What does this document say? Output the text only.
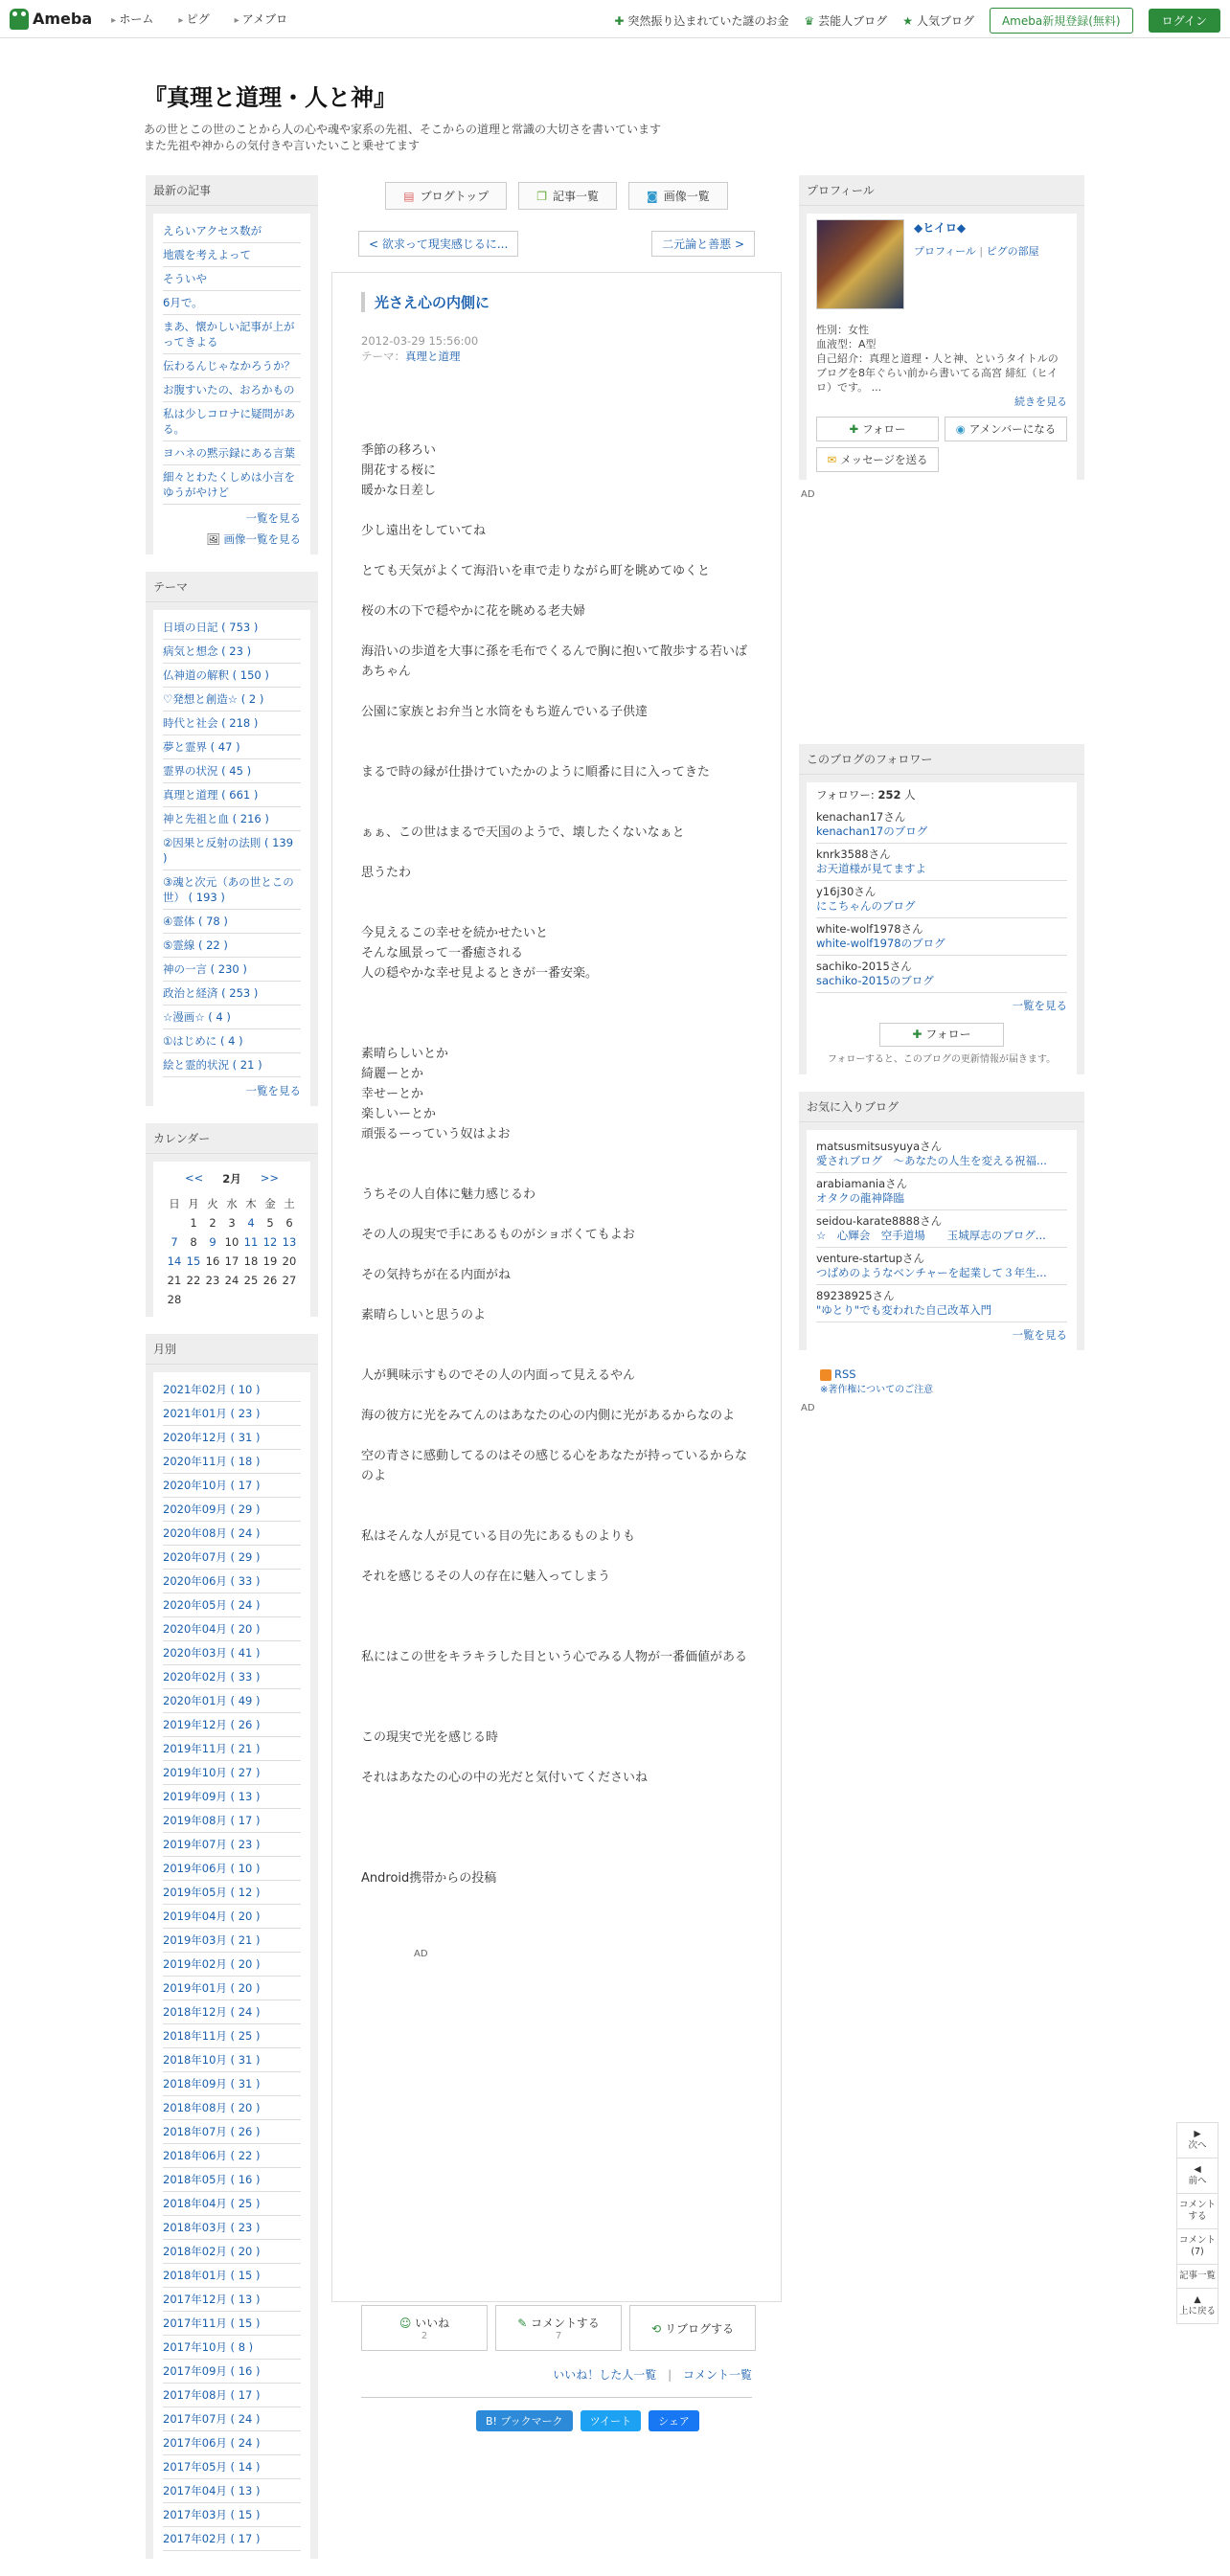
Ameba	▸ ホーム	▸ ピグ	▸ アメブロ	✚ 突然振り込まれていた謎のお金 ♛ 芸能人ブログ ★ 人気ブログ	Ameba新規登録(無料)	ログイン
『真理と道理・人と神』

あの世とこの世のことから人の心や魂や家系の先祖、そこからの道理と常識の大切さを書いています

また先祖や神からの気付きや言いたいこと乗せてます

最新の記事
えらいアクセス数が
地震を考えよって
そういや
6月で。
まあ、懐かしい記事が上がってきよる
伝わるんじゃなかろうか？
お腹すいたの、おろかもの
私は少しコロナに疑問がある。
ヨハネの黙示録にある言葉
細々とわたくしめは小言をゆうがやけど
一覧を見る
🖼 画像一覧を見る
テーマ
日頃の日記 ( 753 )
病気と想念 ( 23 )
仏神道の解釈 ( 150 )
♡発想と創造☆ ( 2 )
時代と社会 ( 218 )
夢と霊界 ( 47 )
霊界の状況 ( 45 )
真理と道理 ( 661 )
神と先祖と血 ( 216 )
②因果と反射の法則 ( 139 )
③魂と次元（あの世とこの世） ( 193 )
④霊体 ( 78 )
⑤霊線 ( 22 )
神の一言 ( 230 )
政治と経済 ( 253 )
☆漫画☆ ( 4 )
①はじめに ( 4 )
絵と霊的状況 ( 21 )
一覧を見る
カレンダー
<< 2月 >>
日	月	火	水	木	金	土
	1	2	3	4	5	6
7	8	9	10	11	12	13
14	15	16	17	18	19	20
21	22	23	24	25	26	27
28						
月別
2021年02月 ( 10 )
2021年01月 ( 23 )
2020年12月 ( 31 )
2020年11月 ( 18 )
2020年10月 ( 17 )
2020年09月 ( 29 )
2020年08月 ( 24 )
2020年07月 ( 29 )
2020年06月 ( 33 )
2020年05月 ( 24 )
2020年04月 ( 20 )
2020年03月 ( 41 )
2020年02月 ( 33 )
2020年01月 ( 49 )
2019年12月 ( 26 )
2019年11月 ( 21 )
2019年10月 ( 27 )
2019年09月 ( 13 )
2019年08月 ( 17 )
2019年07月 ( 23 )
2019年06月 ( 10 )
2019年05月 ( 12 )
2019年04月 ( 20 )
2019年03月 ( 21 )
2019年02月 ( 20 )
2019年01月 ( 20 )
2018年12月 ( 24 )
2018年11月 ( 25 )
2018年10月 ( 31 )
2018年09月 ( 31 )
2018年08月 ( 20 )
2018年07月 ( 26 )
2018年06月 ( 22 )
2018年05月 ( 16 )
2018年04月 ( 25 )
2018年03月 ( 23 )
2018年02月 ( 20 )
2018年01月 ( 15 )
2017年12月 ( 13 )
2017年11月 ( 15 )
2017年10月 ( 8 )
2017年09月 ( 16 )
2017年08月 ( 17 )
2017年07月 ( 24 )
2017年06月 ( 24 )
2017年05月 ( 14 )
2017年04月 ( 13 )
2017年03月 ( 15 )
2017年02月 ( 17 )
▤ ブログトップ	❐ 記事一覧	◙ 画像一覧
< 欲求って現実感じるに...	二元論と善悪 >
光さえ心の内側に
2012-03-29 15:56:00
テーマ：真理と道理

季節の移ろい

開花する桜に

暖かな日差し

少し遠出をしていてね

とても天気がよくて海沿いを車で走りながら町を眺めてゆくと

桜の木の下で穏やかに花を眺める老夫婦

海沿いの歩道を大事に孫を毛布でくるんで胸に抱いて散歩する若いばあちゃん

公園に家族とお弁当と水筒をもち遊んでいる子供達

まるで時の縁が仕掛けていたかのように順番に目に入ってきた

ぁぁ、この世はまるで天国のようで、壊したくないなぁと

思うたわ

今見えるこの幸せを続かせたいと

そんな風景って一番癒される

人の穏やかな幸せ見よるときが一番安楽。

素晴らしいとか

綺麗ーとか

幸せーとか

楽しいーとか

頑張るーっていう奴はよお

うちその人自体に魅力感じるわ

その人の現実で手にあるものがショボくてもよお

その気持ちが在る内面がね

素晴らしいと思うのよ

人が興味示すものでその人の内面って見えるやん

海の彼方に光をみてんのはあなたの心の内側に光があるからなのよ

空の青さに感動してるのはその感じる心をあなたが持っているからなのよ

私はそんな人が見ている目の先にあるものよりも

それを感じるその人の存在に魅入ってしまう

私にはこの世をキラキラした目という心でみる人物が一番価値がある

この現実で光を感じる時

それはあなたの心の中の光だと気付いてくださいね

Android携帯からの投稿

AD
☺ いいね
2
✎ コメントする
7
⟲ リブログする
いいね！した人一覧 | コメント一覧
B! ブックマーク	ツイート	シェア
プロフィール
◆ヒイロ◆
プロフィール | ピグの部屋
性別：女性
血液型：A型
自己紹介：真理と道理・人と神、というタイトルのブログを8年ぐらい前から書いてる高宮 緋紅（ヒイロ）です。 ...
続きを見る
✚ フォロー	◉ アメンバーになる
✉ メッセージを送る
AD
このブログのフォロワー
フォロワー: 252 人
kenachan17さん
kenachan17のブログ
knrk3588さん
お天道様が見てますよ
y16j30さん
にこちゃんのブログ
white-wolf1978さん
white-wolf1978のブログ
sachiko-2015さん
sachiko-2015のブログ
一覧を見る
✚ フォロー
フォローすると、このブログの更新情報が届きます。
お気に入りブログ
matsusmitsusyuyaさん
愛されブログ　～あなたの人生を変える祝福...
arabiamaniaさん
オタクの龍神降臨
seidou-karate8888さん
☆　心輝会　空手道場　　玉城厚志のブログ...
venture-startupさん
つばめのようなベンチャーを起業して３年生...
89238925さん
"ゆとり"でも変われた自己改革入門
一覧を見る
RSS
※著作権についてのご注意
AD
▶
次へ
◀
前へ
コメントする
コメント(7)
記事一覧
▲
上に戻る
